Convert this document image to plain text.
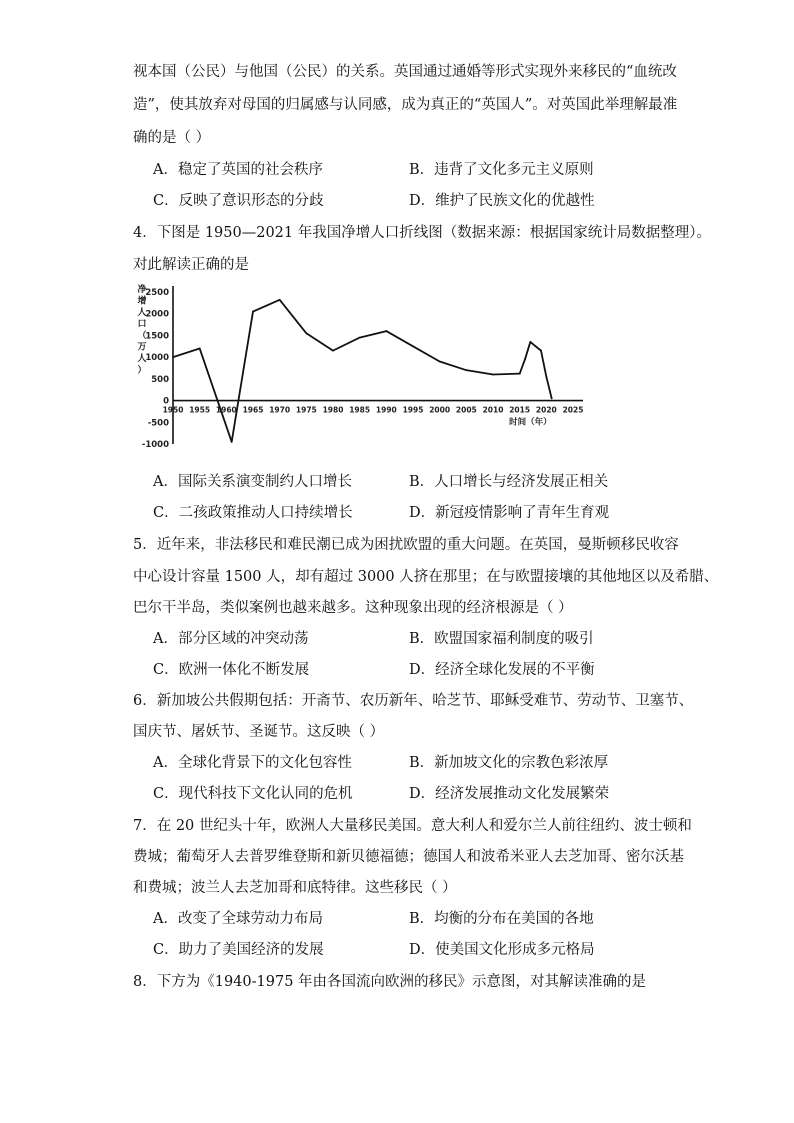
视本国（公民）与他国（公民）的关系。英国通过通婚等形式实现外来移民的“血统改
造”，使其放弃对母国的归属感与认同感，成为真正的“英国人”。对英国此举理解最准
确的是（ ）
A．稳定了英国的社会秩序	B．违背了文化多元主义原则
C．反映了意识形态的分歧	D．维护了民族文化的优越性
4．下图是 1950—2021 年我国净增人口折线图（数据来源：根据国家统计局数据整理）。
对此解读正确的是
净
增
人
口
（
万
人
）
2500
2000
1500
1000
500
0
-500
-1000
1950 1955 1960 1965 1970 1975 1980 1985 1990 1995 2000 2005 2010 2015 2020 2025
时间（年）
A．国际关系演变制约人口增长	B．人口增长与经济发展正相关
C．二孩政策推动人口持续增长	D．新冠疫情影响了青年生育观
5．近年来，非法移民和难民潮已成为困扰欧盟的重大问题。在英国，曼斯顿移民收容
中心设计容量 1500 人，却有超过 3000 人挤在那里；在与欧盟接壤的其他地区以及希腊、
巴尔干半岛，类似案例也越来越多。这种现象出现的经济根源是（ ）
A．部分区域的冲突动荡	B．欧盟国家福利制度的吸引
C．欧洲一体化不断发展	D．经济全球化发展的不平衡
6．新加坡公共假期包括：开斋节、农历新年、哈芝节、耶稣受难节、劳动节、卫塞节、
国庆节、屠妖节、圣诞节。这反映（ ）
A．全球化背景下的文化包容性	B．新加坡文化的宗教色彩浓厚
C．现代科技下文化认同的危机	D．经济发展推动文化发展繁荣
7．在 20 世纪头十年，欧洲人大量移民美国。意大利人和爱尔兰人前往纽约、波士顿和
费城；葡萄牙人去普罗维登斯和新贝德福德；德国人和波希米亚人去芝加哥、密尔沃基
和费城；波兰人去芝加哥和底特律。这些移民（ ）
A．改变了全球劳动力布局	B．均衡的分布在美国的各地
C．助力了美国经济的发展	D．使美国文化形成多元格局
8．下方为《1940-1975 年由各国流向欧洲的移民》示意图，对其解读准确的是
